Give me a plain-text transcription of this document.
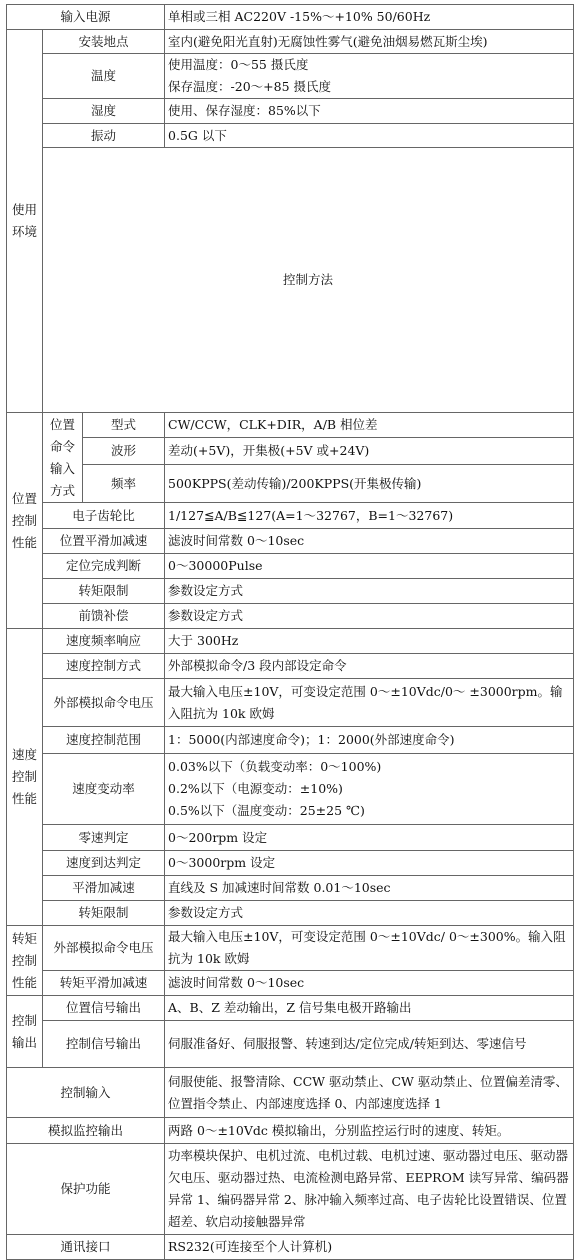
输入电源			单相或三相 AC220V -15%～+10% 50/60Hz	
使用环境	安装地点		室内(避免阳光直射)无腐蚀性雾气(避免油烟易燃瓦斯尘埃)	
	温度		使用温度：0～55 摄氏度
保存温度：-20～+85 摄氏度	

	湿度		使用、保存湿度：85%以下	
	振动		0.5G 以下	
	控制方法	
位置控制性能	位置命令输入方式	型式	CW/CCW，CLK+DIR，A/B 相位差	
		波形	差动(+5V)，开集极(+5V 或+24V)	
		频率	500KPPS(差动传输)/200KPPS(开集极传输)	
	电子齿轮比		1/127≦A/B≦127(A=1～32767，B=1～32767)	
	位置平滑加减速		滤波时间常数 0～10sec	
	定位完成判断		0～30000Pulse	
	转矩限制		参数设定方式	
	前馈补偿		参数设定方式	
速度控制性能	速度频率响应		大于 300Hz	
	速度控制方式		外部模拟命令/3 段内部设定命令	
	外部模拟命令电压		最大输入电压±10V，可变设定范围 0～±10Vdc/0～ ±3000rpm。输入阻抗为 10k 欧姆	
	速度控制范围		1：5000(内部速度命令)；1：2000(外部速度命令)	
	速度变动率		0.03%以下（负载变动率：0～100%)
0.2%以下（电源变动：±10%)
0.5%以下（温度变动：25±25 ℃)	

	零速判定		0～200rpm 设定	
	速度到达判定		0～3000rpm 设定	
	平滑加减速		直线及 S 加减速时间常数 0.01～10sec	
	转矩限制		参数设定方式	
转矩控制性能	外部模拟命令电压		最大输入电压±10V，可变设定范围 0～±10Vdc/ 0～±300%。输入阻抗为 10k 欧姆	
	转矩平滑加减速		滤波时间常数 0～10sec	
控制输出	位置信号输出		A、B、Z 差动输出，Z 信号集电极开路输出	
	控制信号输出		伺服准备好、伺服报警、转速到达/定位完成/转矩到达、零速信号	
控制输入			伺服使能、报警清除、CCW 驱动禁止、CW 驱动禁止、位置偏差清零、位置指令禁止、内部速度选择 0、内部速度选择 1	
模拟监控输出			两路 0～±10Vdc 模拟输出，分别监控运行时的速度、转矩。	
保护功能			功率模块保护、电机过流、电机过载、电机过速、驱动器过电压、驱动器欠电压、驱动器过热、电流检测电路异常、EEPROM 读写异常、编码器异常 1、编码器异常 2、脉冲输入频率过高、电子齿轮比设置错误、位置超差、软启动接触器异常	
通讯接口			RS232(可连接至个人计算机)	
